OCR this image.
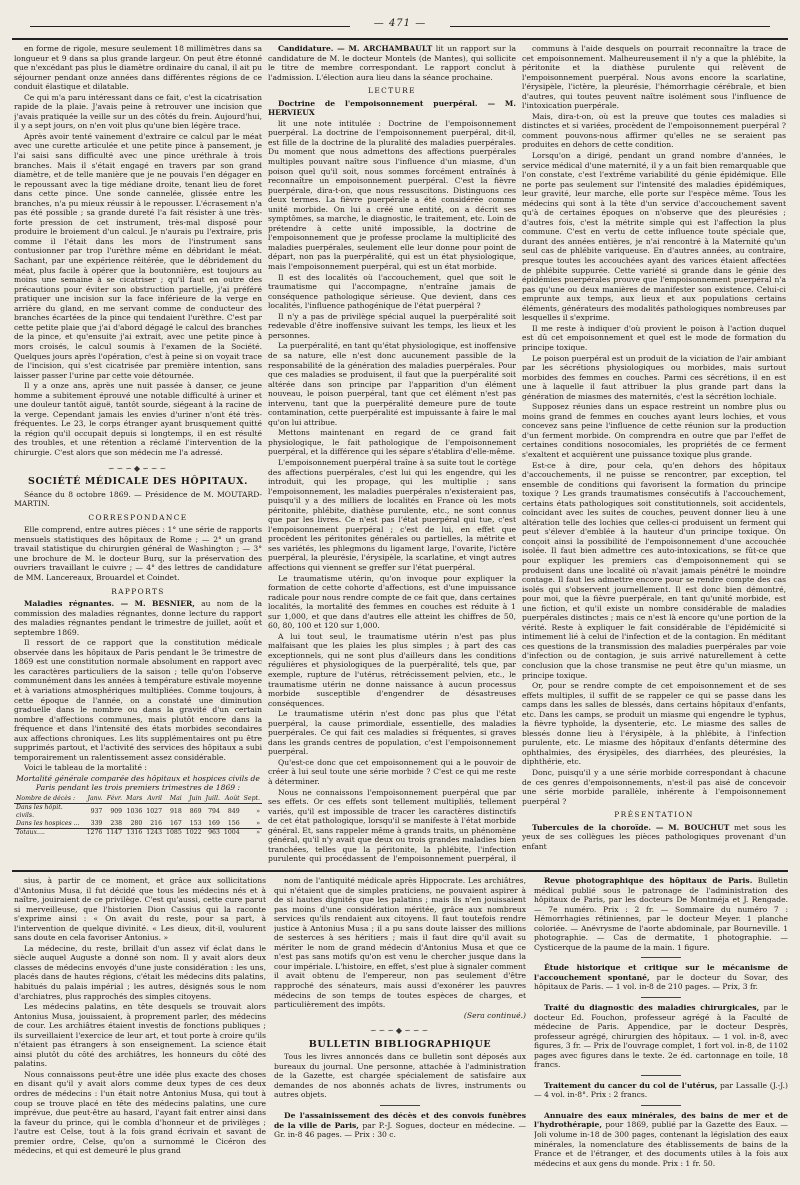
— 471 —

en forme de rigole, mesure seulement 18 millimètres dans sa longueur et 9 dans sa plus grande largeur. On peut être étonné que n'excédant pas plus le diamètre ordinaire du canal, il ait pu séjourner pendant onze années dans différentes régions de ce conduit élastique et dilatable.

Ce qui m'a paru intéressant dans ce fait, c'est la cicatrisation rapide de la plaie. J'avais peine à retrouver une incision que j'avais pratiquée la veille sur un des côtés du frein. Aujourd'hui, il y a sept jours, on n'en voit plus qu'une bien légère trace.

Après avoir tenté vainement d'extraire ce calcul par le méat avec une curette articulée et une petite pince à pansement, je l'ai saisi sans difficulté avec une pince uréthrale à trois branches. Mais il s'était engagé en travers par son grand diamètre, et de telle manière que je ne pouvais l'en dégager en le repoussant avec la tige médiane droite, tenant lieu de foret dans cette pince. Une sonde cannelée, glissée entre les branches, n'a pu mieux réussir à le repousser. L'écrasement n'a pas été possible ; sa grande dureté l'a fait résister à une très-forte pression de cet instrument, très-mal disposé pour produire le broiement d'un calcul. Je n'aurais pu l'extraire, pris comme il l'était dans les mors de l'instrument sans contusionner par trop l'urèthre même en débridant le méat. Sachant, par une expérience réitérée, que le débridement du méat, plus facile à opérer que la boutonnière, est toujours au moins une semaine à se cicatriser ; qu'il faut en outre des précautions pour éviter son obstruction partielle, j'ai préféré pratiquer une incision sur la face inférieure de la verge en arrière du gland, en me servant comme de conducteur des branches écartées de la pince qui tendaient l'urèthre. C'est par cette petite plaie que j'ai d'abord dégagé le calcul des branches de la pince, et qu'ensuite j'ai extrait, avec une petite pince à mors croisés, le calcul soumis à l'examen de la Société. Quelques jours après l'opération, c'est à peine si on voyait trace de l'incision, qui s'est cicatrisée par première intention, sans laisser passer l'urine par cette voie détournée.

Il y a onze ans, après une nuit passée à danser, ce jeune homme a subitement éprouvé une notable difficulté à uriner et une douleur tantôt aiguë, tantôt sourde, siégeant à la racine de la verge. Cependant jamais les envies d'uriner n'ont été très-fréquentes. Le 23, le corps étranger ayant brusquement quitté la région qu'il occupait depuis si longtemps, il en est résulté des troubles, et une rétention a réclamé l'intervention de la chirurgie. C'est alors que son médecin me l'a adressé.

∽∽∽◆∽∽∽
SOCIÉTÉ MÉDICALE DES HÔPITAUX.

Séance du 8 octobre 1869. — Présidence de M. MOUTARD-MARTIN.

CORRESPONDANCE

Elle comprend, entre autres pièces : 1° une série de rapports mensuels statistiques des hôpitaux de Rome ; — 2° un grand travail statistique du chirurgien général de Washington ; — 3° une brochure de M. le docteur Burq, sur la préservation des ouvriers travaillant le cuivre ; — 4° des lettres de candidature de MM. Lancereaux, Brouardel et Coindet.

RAPPORTS

Maladies régnantes. — M. BESNIER, au nom de la commission des maladies régnantes, donne lecture du rapport des maladies régnantes pendant le trimestre de juillet, août et septembre 1869.

Il ressort de ce rapport que la constitution médicale observée dans les hôpitaux de Paris pendant le 3e trimestre de 1869 est une constitution normale absolument en rapport avec les caractères particuliers de la saison ; telle qu'on l'observe communément dans les années à température estivale moyenne et à variations atmosphériques multipliées. Comme toujours, à cette époque de l'année, on a constaté une diminution graduelle dans le nombre ou dans la gravité d'un certain nombre d'affections communes, mais plutôt encore dans la fréquence et dans l'intensité des états morbides secondaires aux affections chroniques. Les lits supplémentaires ont pu être supprimés partout, et l'activité des services des hôpitaux a subi temporairement un ralentissement assez considérable.

Voici le tableau de la mortalité :

Mortalité générale comparée des hôpitaux et hospices civils de Paris pendant les trois premiers trimestres de 1869 :

Nombre de décès :	Janv.	Févr.	Mars	Avril	Mai	Juin	Juill.	Août	Sept.
Dans les hôpit. civils.	937	909	1036	1027	918	869	794	849	»
Dans les hospices ...	339	238	280	216	167	153	169	156	»
Totaux....	1276	1147	1316	1243	1085	1022	963	1004	»

Candidature. — M. ARCHAMBAULT lit un rapport sur la candidature de M. le docteur Montels (de Mantes), qui sollicite le titre de membre correspondant. Le rapport conclut à l'admission. L'élection aura lieu dans la séance prochaine.

LECTURE

Doctrine de l'empoisonnement puerpéral. — M. HERVIEUX

lit une note intitulée : Doctrine de l'empoisonnement puerpéral. La doctrine de l'empoisonnement puerpéral, dit-il, est fille de la doctrine de la pluralité des maladies puerpérales. Du moment que nous admettons des affections puerpérales multiples pouvant naître sous l'influence d'un miasme, d'un poison quel qu'il soit, nous sommes forcément entraînés à reconnaître un empoisonnement puerpéral. C'est la fièvre puerpérale, dira-t-on, que nous ressuscitons. Distinguons ces deux termes. La fièvre puerpérale a été considérée comme unité morbide. On lui a créé une entité, on a décrit ses symptômes, sa marche, le diagnostic, le traitement, etc. Loin de prétendre à cette unité impossible, la doctrine de l'empoisonnement que je professe proclame la multiplicité des maladies puerpérales, seulement elle leur donne pour point de départ, non pas la puerpéralité, qui est un état physiologique, mais l'empoisonnement puerpéral, qui est un état morbide.

Il est des localités où l'accouchement, quel que soit le traumatisme qui l'accompagne, n'entraîne jamais de conséquence pathologique sérieuse. Que devient, dans ces localités, l'influence pathogénique de l'état puerpéral ?

Il n'y a pas de privilège spécial auquel la puerpéralité soit redevable d'être inoffensive suivant les temps, les lieux et les personnes.

La puerpéralité, en tant qu'état physiologique, est inoffensive de sa nature, elle n'est donc aucunement passible de la responsabilité de la génération des maladies puerpérales. Pour que ces maladies se produisent, il faut que la puerpéralité soit altérée dans son principe par l'apparition d'un élément nouveau, le poison puerpéral, tant que cet élément n'est pas intervenu, tant que la puerpéralité demeure pure de toute contamination, cette puerpéralité est impuissante à faire le mal qu'on lui attribue.

Mettons maintenant en regard de ce grand fait physiologique, le fait pathologique de l'empoisonnement puerpéral, et la différence qui les sépare s'établira d'elle-même.

L'empoisonnement puerpéral traîne à sa suite tout le cortège des affections puerpérales, c'est lui qui les engendre, qui les introduit, qui les propage, qui les multiplie ; sans l'empoisonnement, les maladies puerpérales n'existeraient pas, puisqu'il y a des milliers de localités en France où les mots péritonite, phlébite, diathèse purulente, etc., ne sont connus que par les livres. Ce n'est pas l'état puerpéral qui tue, c'est l'empoisonnement puerpéral ; c'est de lui, en effet que procèdent les péritonites générales ou partielles, la métrite et ses variétés, les phlegmons du ligament large, l'ovarite, l'ictère puerpéral, la pleurésie, l'érysipèle, la scarlatine, et vingt autres affections qui viennent se greffer sur l'état puerpéral.

Le traumatisme utérin, qu'on invoque pour expliquer la formation de cette cohorte d'affections, est d'une impuissance radicale pour nous rendre compte de ce fait que, dans certaines localités, la mortalité des femmes en couches est réduite à 1 sur 1,000, et que dans d'autres elle atteint les chiffres de 50, 60, 80, 100 et 120 sur 1,000.

A lui tout seul, le traumatisme utérin n'est pas plus malfaisant que les plaies les plus simples ; à part des cas exceptionnels, qui ne sont plus d'ailleurs dans les conditions régulières et physiologiques de la puerpéralité, tels que, par exemple, rupture de l'utérus, rétrécissement pelvien, etc., le traumatisme utérin ne donne naissance à aucun processus morbide susceptible d'engendrer de désastreuses conséquences.

Le traumatisme utérin n'est donc pas plus que l'état puerpéral, la cause primordiale, essentielle, des maladies puerpérales. Ce qui fait ces maladies si fréquentes, si graves dans les grands centres de population, c'est l'empoisonnement puerpéral.

Qu'est-ce donc que cet empoisonnement qui a le pouvoir de créer à lui seul toute une série morbide ? C'est ce qui me reste à déterminer.

Nous ne connaissons l'empoisonnement puerpéral que par ses effets. Or ces effets sont tellement multipliés, tellement variés, qu'il est impossible de tracer les caractères distinctifs de cet état pathologique, lorsqu'il se manifeste à l'état morbide général. Et, sans rappeler même à grands traits, un phénomène général, qu'il n'y avait que deux ou trois grandes maladies bien tranchées, telles que la péritonite, la phlébite, l'infection purulente qui procédassent de l'empoisonnement puerpéral, il

communs à l'aide desquels on pourrait reconnaître la trace de cet empoisonnement. Malheureusement il n'y a que la phlébite, la péritonite et la diathèse purulente qui relèvent de l'empoisonnement puerpéral. Nous avons encore la scarlatine, l'érysipèle, l'ictère, la pleurésie, l'hémorrhagie cérébrale, et bien d'autres, qui toutes peuvent naître isolément sous l'influence de l'intoxication puerpérale.

Mais, dira-t-on, où est la preuve que toutes ces maladies si distinctes et si variées, procèdent de l'empoisonnement puerpéral ? comment pouvons-nous affirmer qu'elles ne se seraient pas produites en dehors de cette condition.

Lorsqu'on a dirigé, pendant un grand nombre d'années, le service médical d'une maternité, il y a un fait bien remarquable que l'on constate, c'est l'extrême variabilité du génie épidémique. Elle ne porte pas seulement sur l'intensité des maladies épidémiques, leur gravité, leur marche, elle porte sur l'espèce même. Tous les médecins qui sont à la tête d'un service d'accouchement savent qu'à de certaines époques on n'observe que des pleurésies ; d'autres fois, c'est la métrite simple qui est l'affection la plus commune. C'est en vertu de cette influence toute spéciale que, durant des années entières, je n'ai rencontré à la Maternité qu'un seul cas de phlébite variqueuse. En d'autres années, au contraire, presque toutes les accouchées ayant des varices étaient affectées de phlébite suppurée. Cette variété si grande dans le génie des épidémies puerpérales prouve que l'empoisonnement puerpéral n'a pas qu'une ou deux manières de manifester son existence. Celui-ci emprunte aux temps, aux lieux et aux populations certains éléments, générateurs des modalités pathologiques nombreuses par lesquelles il s'exprime.

Il me reste à indiquer d'où provient le poison à l'action duquel est dû cet empoisonnement et quel est le mode de formation du principe toxique.

Le poison puerpéral est un produit de la viciation de l'air ambiant par les sécrétions physiologiques ou morbides, mais surtout morbides des femmes en couches. Parmi ces sécrétions, il en est une à laquelle il faut attribuer la plus grande part dans la génération de miasmes des maternités, c'est la sécrétion lochiale.

Supposez réunies dans un espace restreint un nombre plus ou moins grand de femmes en couches ayant leurs lochies, et vous concevez sans peine l'influence de cette réunion sur la production d'un ferment morbide. On comprendra en outre que par l'effet de certaines conditions nosocomiales, les propriétés de ce ferment s'exaltent et acquièrent une puissance toxique plus grande.

Est-ce à dire, pour cela, qu'en dehors des hôpitaux d'accouchements, il ne puisse se rencontrer, par exception, tel ensemble de conditions qui favorisent la formation du principe toxique ? Les grands traumatismes consécutifs à l'accouchement, certains états pathologiques soit constitutionnels, soit accidentels, coïncidant avec les suites de couches, peuvent donner lieu à une altération telle des lochies que celles-ci produisent un ferment qui peut s'élever d'emblée à la hauteur d'un principe toxique. On conçoit ainsi la possibilité de l'empoisonnement d'une accouchée isolée. Il faut bien admettre ces auto-intoxications, se fût-ce que pour expliquer les premiers cas d'empoisonnement qui se produisent dans une localité où n'avait jamais pénétré le moindre contage. Il faut les admettre encore pour se rendre compte des cas isolés qui s'observent journellement. Il est donc bien démontré, pour moi, que la fièvre puerpérale, en tant qu'unité morbide, est une fiction, et qu'il existe un nombre considérable de maladies puerpérales distinctes ; mais ce n'est là encore qu'une portion de la vérité. Reste à expliquer le fait considérable de l'épidémicité si intimement lié à celui de l'infection et de la contagion. En méditant ces questions de la transmission des maladies puerpérales par voie d'infection ou de contagion, je suis arrivé naturellement à cette conclusion que la chose transmise ne peut être qu'un miasme, un principe toxique.

Or, pour se rendre compte de cet empoisonnement et de ses effets multiples, il suffit de se rappeler ce qui se passe dans les camps dans les salles de blessés, dans certains hôpitaux d'enfants, etc. Dans les camps, se produit un miasme qui engendre le typhus, la fièvre typhoïde, la dysenterie, etc. Le miasme des salles de blessés donne lieu à l'érysipèle, à la phlébite, à l'infection purulente, etc. Le miasme des hôpitaux d'enfants détermine des ophthalmies, des érysipèles, des diarrhées, des pleurésies, la diphthérie, etc.

Donc, puisqu'il y a une série morbide correspondant à chacune de ces genres d'empoisonnements, n'est-il pas aisé de concevoir une série morbide parallèle, inhérente à l'empoisonnement puerpéral ?

PRÉSENTATION

Tubercules de la choroïde. — M. BOUCHUT met sous les yeux de ses collègues les pièces pathologiques provenant d'un enfant

sius, à partir de ce moment, et grâce aux sollicitations d'Antonius Musa, il fut décidé que tous les médecins nés et à naître, jouiraient de ce privilège. C'est qu'aussi, cette cure parut si merveilleuse, que l'historien Dion Cassius qui la raconte s'exprime ainsi : « On avait du reste, pour sa part, à l'intervention de quelque divinité. « Les dieux, dit-il, voulurent sans doute en cela favoriser Antonius. »

La médecine, du reste, brillait d'un assez vif éclat dans le siècle auquel Auguste a donné son nom. Il y avait alors deux classes de médecins envoyés d'une juste considération : les uns, placés dans de hautes régions, c'était les médecins dits palatins, habitués du palais impérial ; les autres, désignés sous le nom d'archiatres, plus rapprochés des simples citoyens.

Les médecins palatins, en tête desquels se trouvait alors Antonius Musa, jouissaient, à proprement parler, des médecins de cour. Les archiâtres étaient investis de fonctions publiques ; ils surveillaient l'exercice de leur art, et tout porte à croire qu'ils n'étaient pas étrangers à son enseignement. La science était ainsi plutôt du côté des archiâtres, les honneurs du côté des palatins.

Nous connaissons peut-être une idée plus exacte des choses en disant qu'il y avait alors comme deux types de ces deux ordres de médecins : l'un était notre Antonius Musa, qui tout à coup se trouve placé en tête des médecins palatins, une cure imprévue, due peut-être au hasard, l'ayant fait entrer ainsi dans la faveur du prince, qui le combla d'honneur et de privilèges ; l'autre est Celse, tout à la fois grand écrivain et savant de premier ordre, Celse, qu'on a surnommé le Cicéron des médecins, et qui est demeuré le plus grand

nom de l'antiquité médicale après Hippocrate. Les archiâtres, qui n'étaient que de simples praticiens, ne pouvaient aspirer à de si hautes dignités que les palatins ; mais ils n'en jouissaient pas moins d'une considération méritée, grâce aux nombreux services qu'ils rendaient aux citoyens. Il faut toutefois rendre justice à Antonius Musa ; il a pu sans doute laisser des millions de sesterces à ses héritiers ; mais il faut dire qu'il avait su mériter le nom de grand médecin d'Antonius Musa et que ce n'est pas sans motifs qu'on est venu le chercher jusque dans la cour impériale. L'histoire, en effet, s'est plue à signaler comment il avait obtenu de l'empereur, non pas seulement d'être rapproché des sénateurs, mais aussi d'exonérer les pauvres médecins de son temps de toutes espèces de charges, et particulièrement des impôts.

(Sera continué.)

∽∽∽◆∽∽∽
BULLETIN BIBLIOGRAPHIQUE

Tous les livres annoncés dans ce bulletin sont déposés aux bureaux du journal. Une personne, attachée à l'administration de la Gazette, est chargée spécialement de satisfaire aux demandes de nos abonnés achats de livres, instruments ou autres objets.

De l'assainissement des décès et des convois funèbres de la ville de Paris, par P.-J. Sogues, docteur en médecine. — Gr. in-8 46 pages. — Prix : 30 c.

Revue photographique des hôpitaux de Paris. Bulletin médical publié sous le patronage de l'administration des hôpitaux de Paris, par les docteurs De Montméja et J. Rengade. — 7e numéro. Prix : 2 fr. — Sommaire du numéro 7 : Hémorrhagies rétiniennes, par le docteur Meyer. 1 planche coloriée. — Anévrysme de l'aorte abdominale, par Bourneville. 1 photographie. — Cas de dermatite, 1 photographie. — Cysticerque de la paume de la main. 1 figure.

Étude historique et critique sur le mécanisme de l'accouchement spontané, par le docteur du Sovar, des hôpitaux de Paris. — 1 vol. in-8 de 210 pages. — Prix, 3 fr.

Traité du diagnostic des maladies chirurgicales, par le docteur Ed. Fouchon, professeur agrégé à la Faculté de médecine de Paris. Appendice, par le docteur Desprès, professeur agrégé, chirurgien des hôpitaux. — 1 vol. in-8, avec figures, 3 fr. — Prix de l'ouvrage complet, 1 fort vol. in-8, de 1102 pages avec figures dans le texte. 2e éd. cartonnage en toile, 18 francs.

Traitement du cancer du col de l'utérus, par Lassalle (J.-J.) — 4 vol. in-8°. Prix : 2 francs.

Annuaire des eaux minérales, des bains de mer et de l'hydrothérapie, pour 1869, publié par la Gazette des Eaux. — Joli volume in-18 de 300 pages, contenant la législation des eaux minérales, la nomenclature des établissements de bains de la France et de l'étranger, et des documents utiles à la fois aux médecins et aux gens du monde. Prix : 1 fr. 50.
